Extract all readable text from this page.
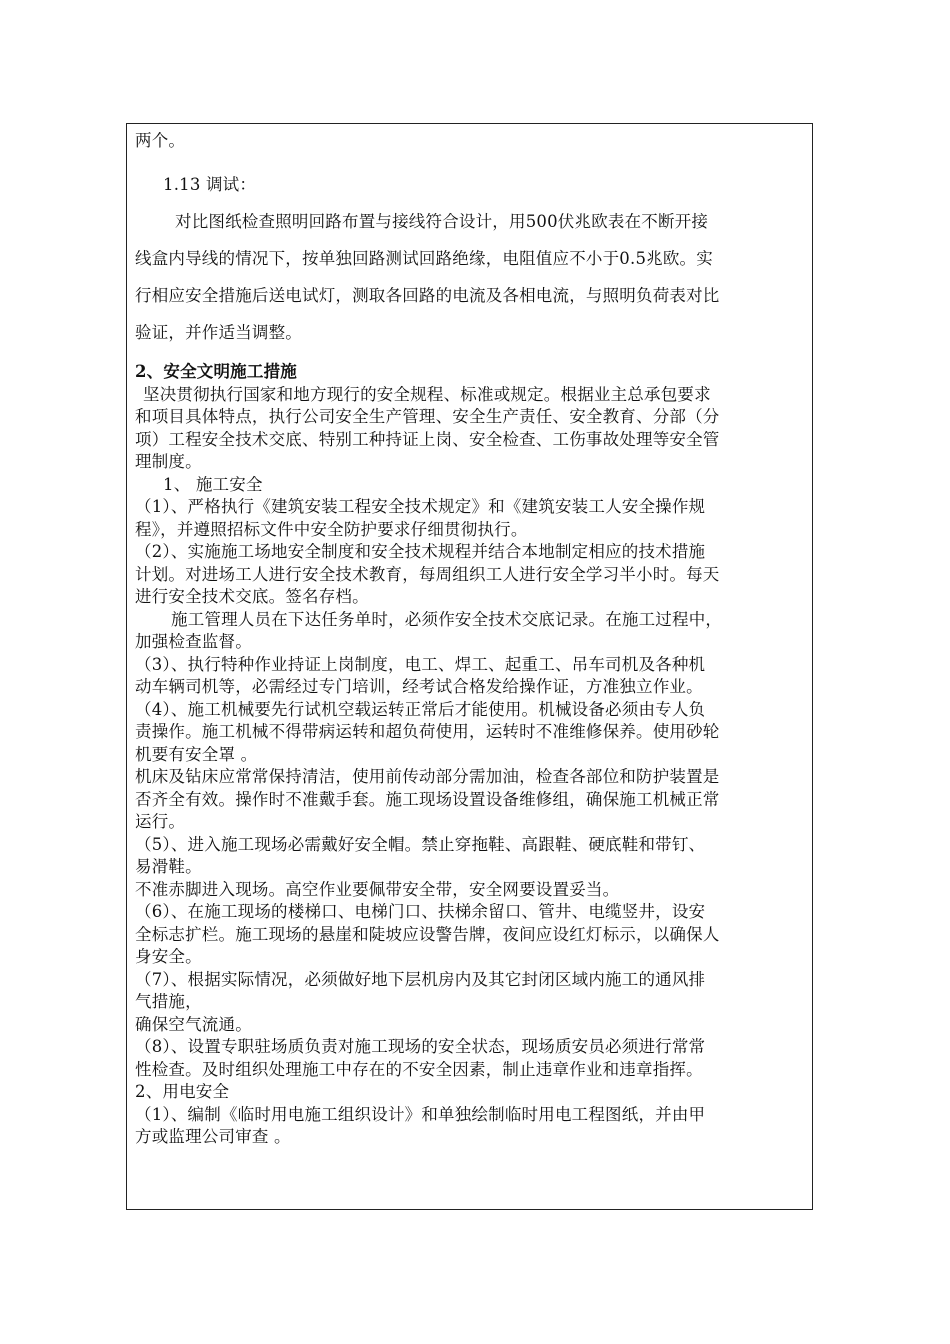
两个。
1.13 调试：
对比图纸检查照明回路布置与接线符合设计，用500伏兆欧表在不断开接
线盒内导线的情况下，按单独回路测试回路绝缘，电阻值应不小于0.5兆欧。实
行相应安全措施后送电试灯，测取各回路的电流及各相电流，与照明负荷表对比
验证，并作适当调整。
2、安全文明施工措施
坚决贯彻执行国家和地方现行的安全规程、标准或规定。根据业主总承包要求
和项目具体特点，执行公司安全生产管理、安全生产责任、安全教育、分部（分
项）工程安全技术交底、特别工种持证上岗、安全检查、工伤事故处理等安全管
理制度。
1、 施工安全
（1）、严格执行《建筑安装工程安全技术规定》和《建筑安装工人安全操作规
程》，并遵照招标文件中安全防护要求仔细贯彻执行。
（2）、实施施工场地安全制度和安全技术规程并结合本地制定相应的技术措施
计划。对进场工人进行安全技术教育，每周组织工人进行安全学习半小时。每天
进行安全技术交底。签名存档。
施工管理人员在下达任务单时，必须作安全技术交底记录。在施工过程中，
加强检查监督。
（3）、执行特种作业持证上岗制度，电工、焊工、起重工、吊车司机及各种机
动车辆司机等，必需经过专门培训，经考试合格发给操作证，方准独立作业。
（4）、施工机械要先行试机空载运转正常后才能使用。机械设备必须由专人负
责操作。施工机械不得带病运转和超负荷使用，运转时不准维修保养。使用砂轮
机要有安全罩 。
机床及钻床应常常保持清洁，使用前传动部分需加油，检查各部位和防护装置是
否齐全有效。操作时不准戴手套。施工现场设置设备维修组，确保施工机械正常
运行。
（5）、进入施工现场必需戴好安全帽。禁止穿拖鞋、高跟鞋、硬底鞋和带钉、
易滑鞋。
不准赤脚进入现场。高空作业要佩带安全带，安全网要设置妥当。
（6）、在施工现场的楼梯口、电梯门口、扶梯余留口、管井、电缆竖井，设安
全标志扩栏。施工现场的悬崖和陡坡应设警告牌，夜间应设红灯标示，以确保人
身安全。
（7）、根据实际情况，必须做好地下层机房内及其它封闭区域内施工的通风排
气措施，
确保空气流通。
（8）、设置专职驻场质负责对施工现场的安全状态，现场质安员必须进行常常
性检查。及时组织处理施工中存在的不安全因素，制止违章作业和违章指挥。
2、用电安全
（1）、编制《临时用电施工组织设计》和单独绘制临时用电工程图纸，并由甲
方或监理公司审查 。
